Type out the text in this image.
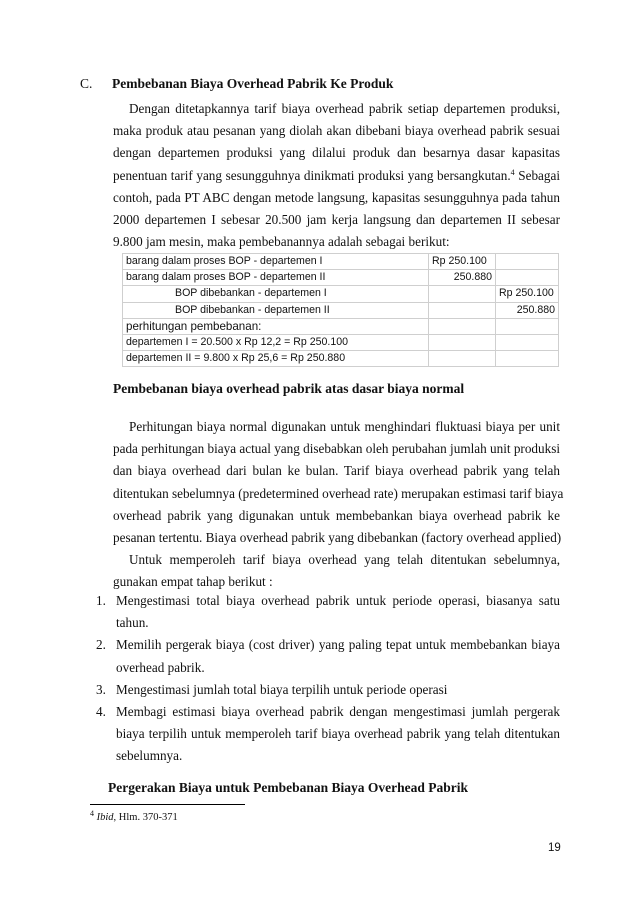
C. Pembebanan Biaya Overhead Pabrik Ke Produk
Dengan ditetapkannya tarif biaya overhead pabrik setiap departemen produksi,
maka produk atau pesanan yang diolah akan dibebani biaya overhead pabrik sesuai
dengan departemen produksi yang dilalui produk dan besarnya dasar kapasitas
penentuan tarif yang sesungguhnya dinikmati produksi yang bersangkutan.$^4$ Sebagai
contoh, pada PT ABC dengan metode langsung, kapasitas sesungguhnya pada tahun
2000 departemen I sebesar 20.500 jam kerja langsung dan departemen II sebesar
9.800 jam mesin, maka pembebanannya adalah sebagai berikut:
barang dalam proses BOP - departemen I	Rp 250.100	
barang dalam proses BOP - departemen II	250.880	
BOP dibebankan - departemen I		Rp 250.100
BOP dibebankan - departemen II		250.880
perhitungan pembebanan:		
departemen I = 20.500 x Rp 12,2 = Rp 250.100		
departemen II = 9.800 x Rp 25,6 = Rp 250.880		
Pembebanan biaya overhead pabrik atas dasar biaya normal
Perhitungan biaya normal digunakan untuk menghindari fluktuasi biaya per unit
pada perhitungan biaya actual yang disebabkan oleh perubahan jumlah unit produksi
dan biaya overhead dari bulan ke bulan. Tarif biaya overhead pabrik yang telah
ditentukan sebelumnya (predetermined overhead rate) merupakan estimasi tarif biaya
overhead pabrik yang digunakan untuk membebankan biaya overhead pabrik ke
pesanan tertentu. Biaya overhead pabrik yang dibebankan (factory overhead applied)
Untuk memperoleh tarif biaya overhead yang telah ditentukan sebelumnya,
gunakan empat tahap berikut :
1. Mengestimasi total biaya overhead pabrik untuk periode operasi, biasanya satu
tahun.
2. Memilih pergerak biaya (cost driver) yang paling tepat untuk membebankan biaya
overhead pabrik.
3. Mengestimasi jumlah total biaya terpilih untuk periode operasi
4. Membagi estimasi biaya overhead pabrik dengan mengestimasi jumlah pergerak
biaya terpilih untuk memperoleh tarif biaya overhead pabrik yang telah ditentukan
sebelumnya.
Pergerakan Biaya untuk Pembebanan Biaya Overhead Pabrik
$^4$ Ibid, Hlm. 370-371
19
